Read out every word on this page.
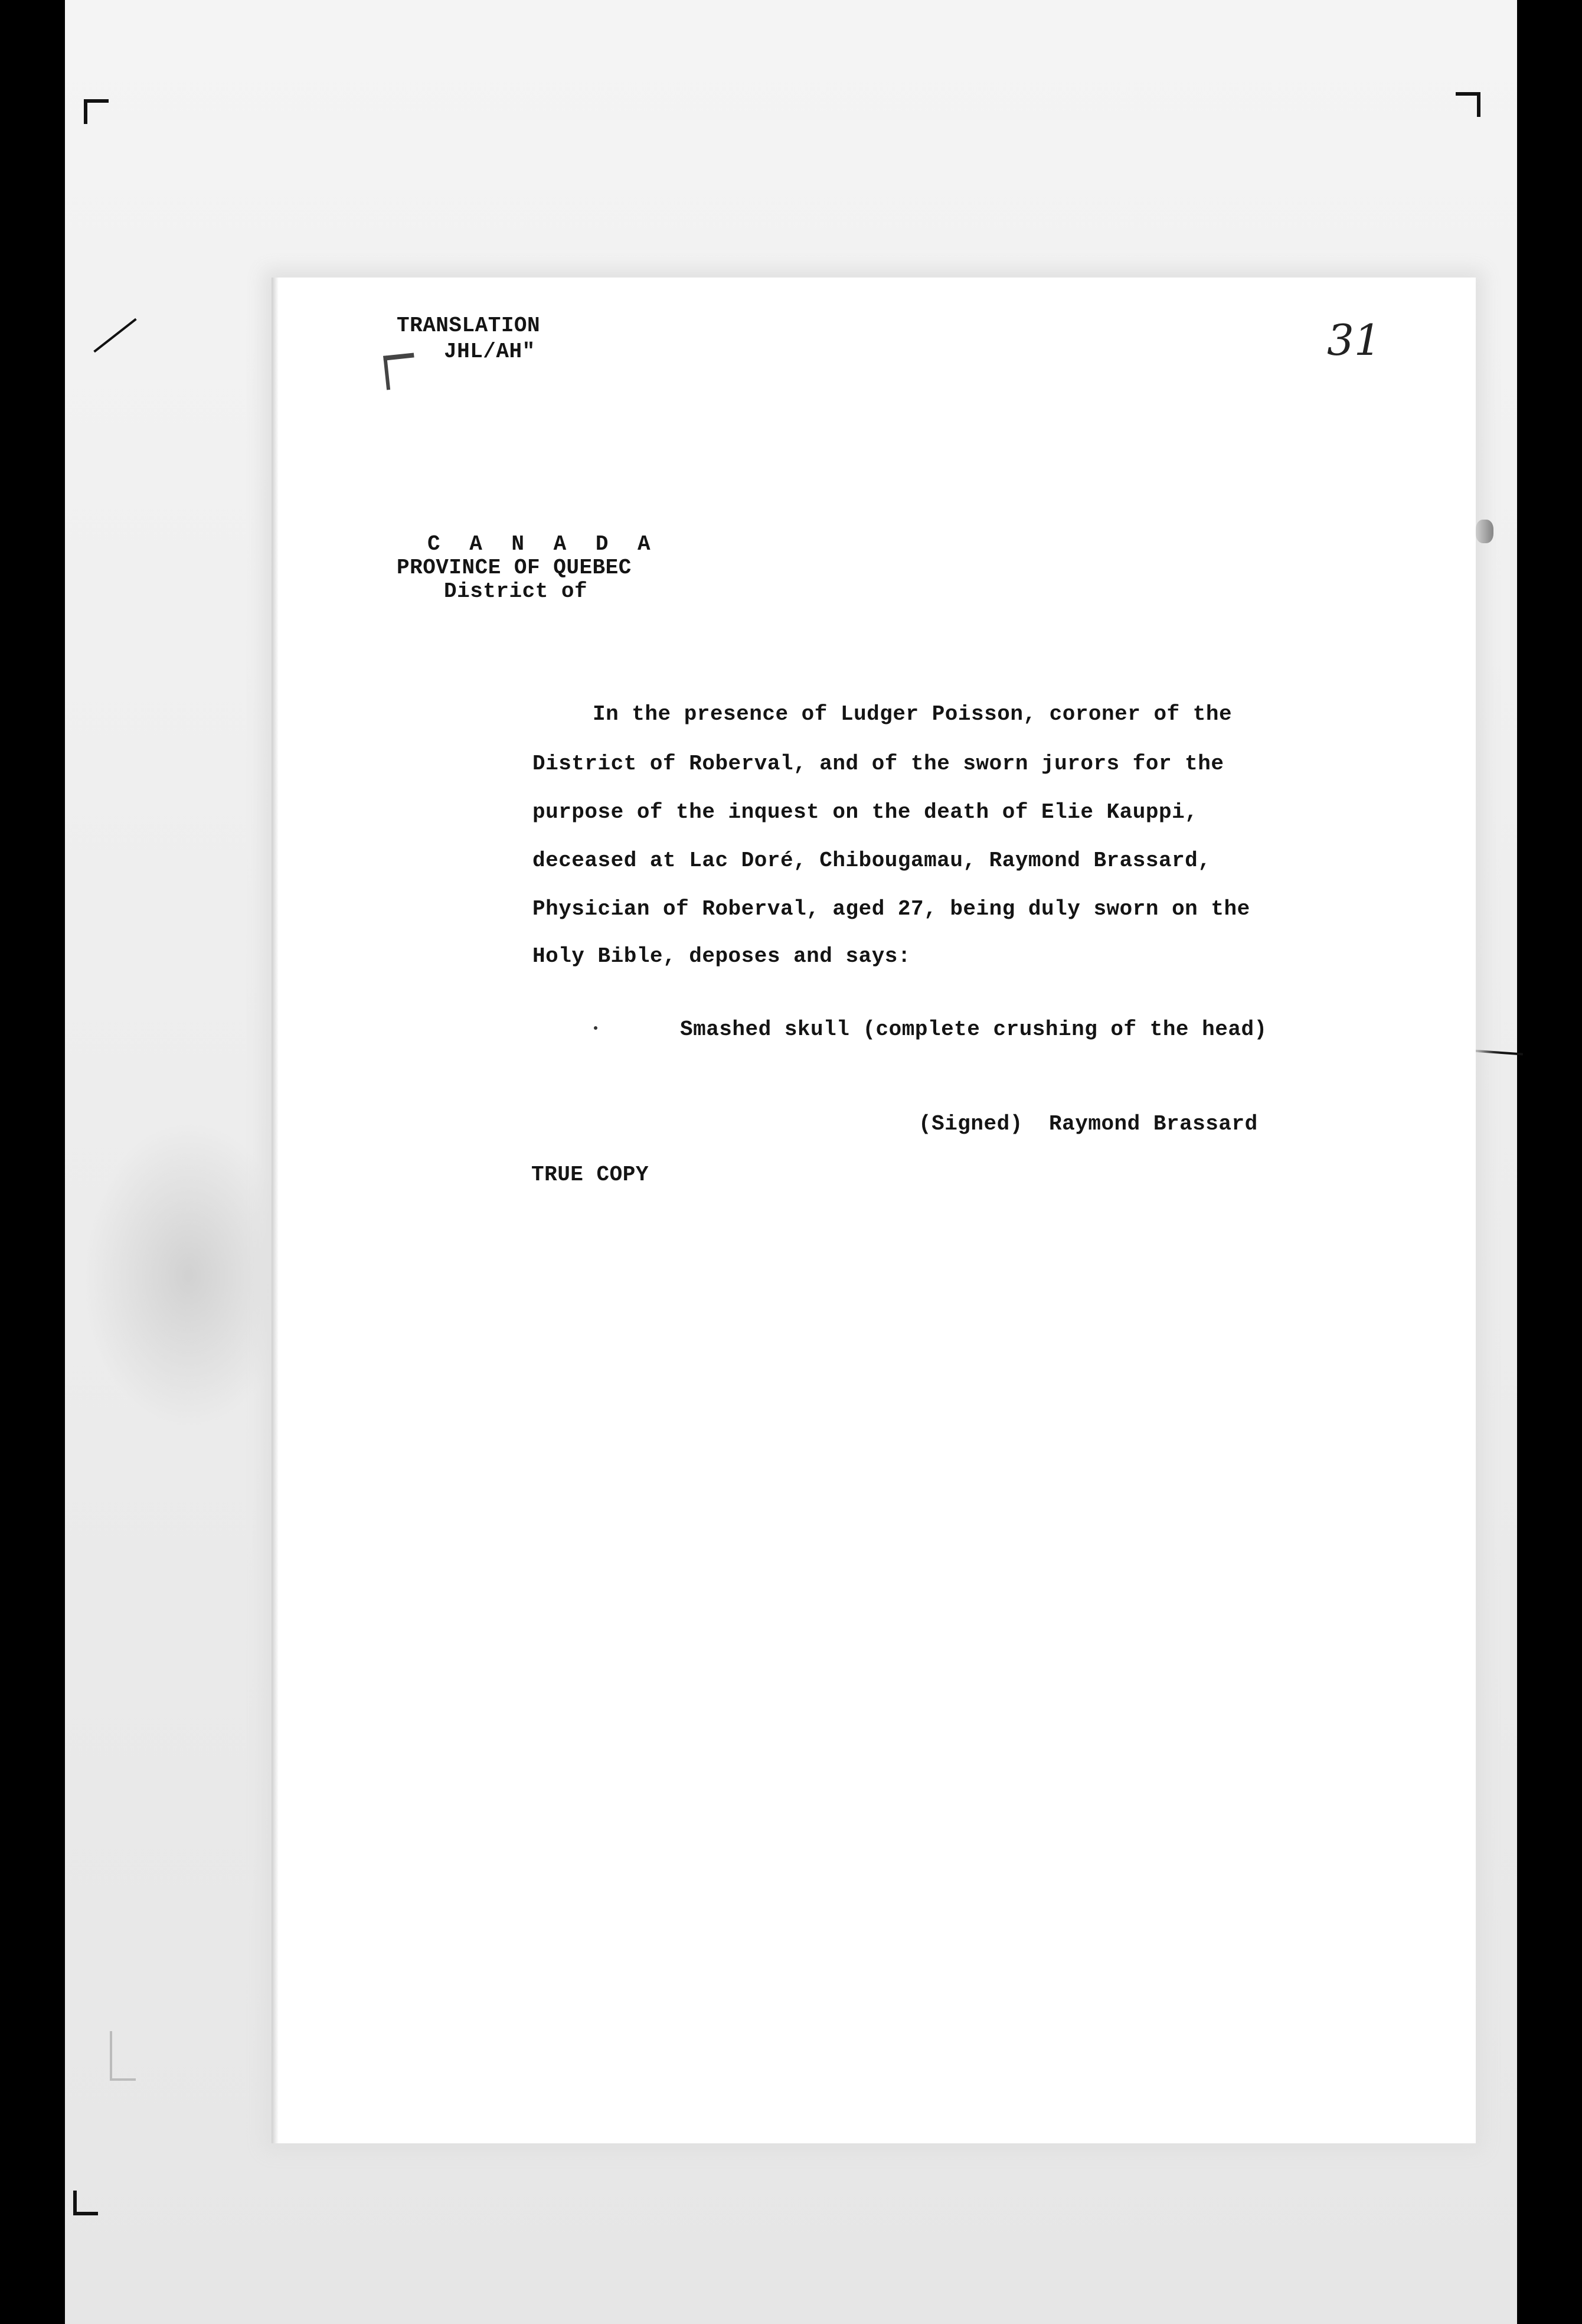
TRANSLATION
JHL/AH"	31
C A N A D A
PROVINCE OF QUEBEC
District of
In the presence of Ludger Poisson, coroner of the
District of Roberval, and of the sworn jurors for the
purpose of the inquest on the death of Elie Kauppi,
deceased at Lac Doré, Chibougamau, Raymond Brassard,
Physician of Roberval, aged 27, being duly sworn on the
Holy Bible, deposes and says:
Smashed skull (complete crushing of the head)
(Signed)  Raymond Brassard
TRUE COPY
